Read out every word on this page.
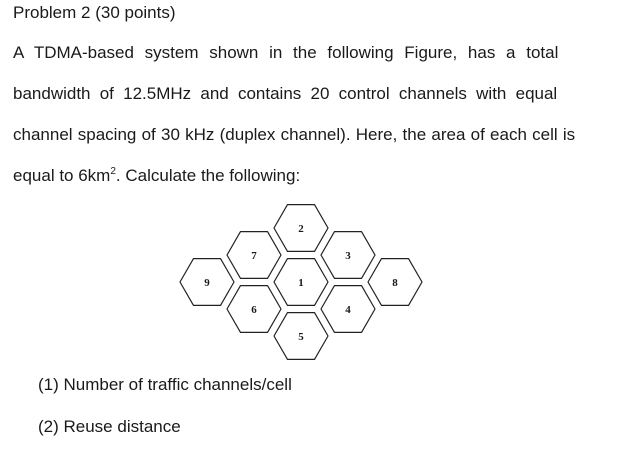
Problem 2 (30 points)
A TDMA-based system shown in the following Figure, has a total
bandwidth of 12.5MHz and contains 20 control channels with equal
channel spacing of 30 kHz (duplex channel). Here, the area of each cell is
equal to $6km^2$. Calculate the following:
9
7
6
2
1
5
3
4
8
(1) Number of traffic channels/cell
(2) Reuse distance
